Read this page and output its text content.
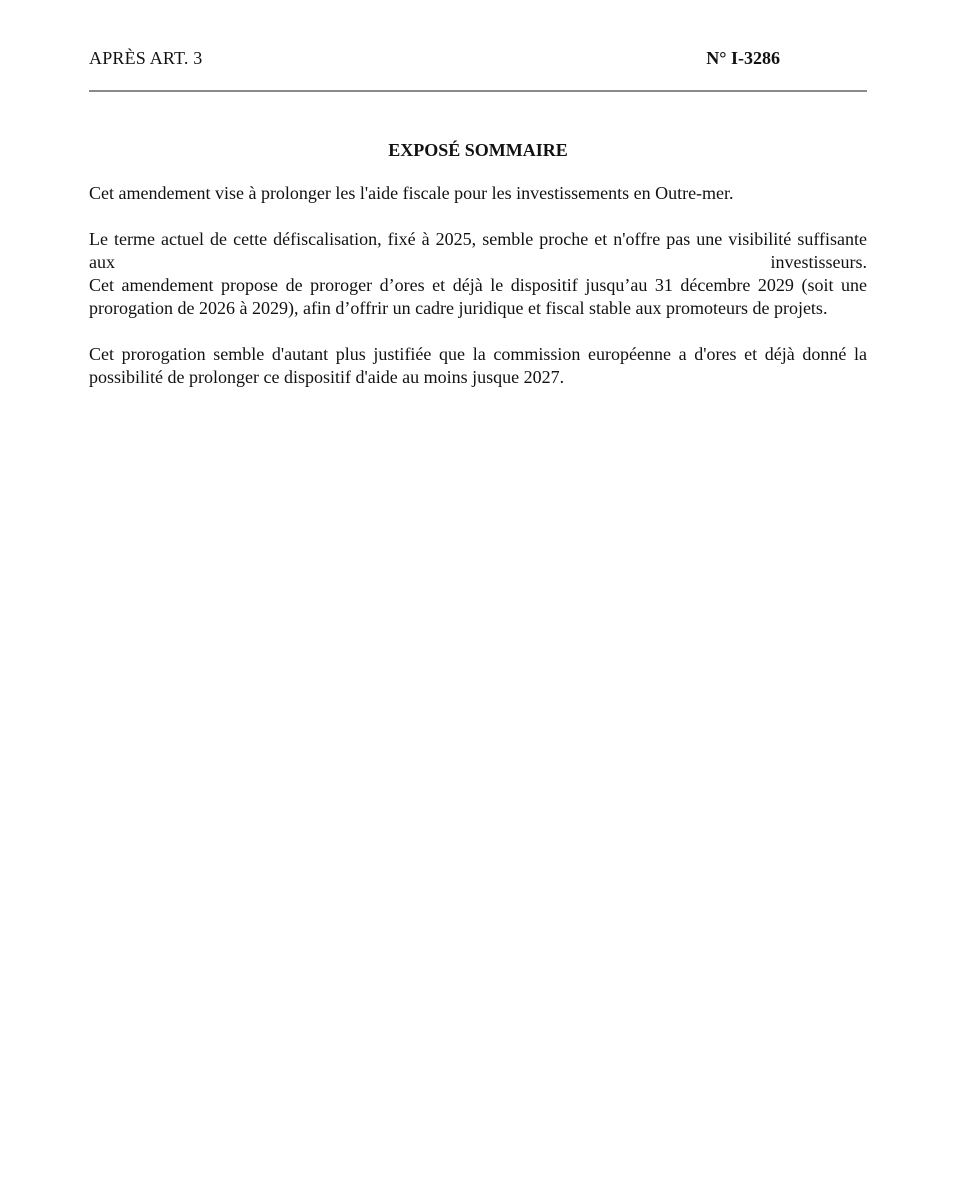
APRÈS ART. 3	N° I-3286
EXPOSÉ SOMMAIRE

Cet amendement vise à prolonger les l'aide fiscale pour les investissements en Outre-mer.

Le terme actuel de cette défiscalisation, fixé à 2025, semble proche et n'offre pas une visibilité suffisante aux investisseurs.
Cet amendement propose de proroger d’ores et déjà le dispositif jusqu’au 31 décembre 2029 (soit une prorogation de 2026 à 2029), afin d’offrir un cadre juridique et fiscal stable aux promoteurs de projets.

Cet prorogation semble d'autant plus justifiée que la commission européenne a d'ores et déjà donné la possibilité de prolonger ce dispositif d'aide au moins jusque 2027.
